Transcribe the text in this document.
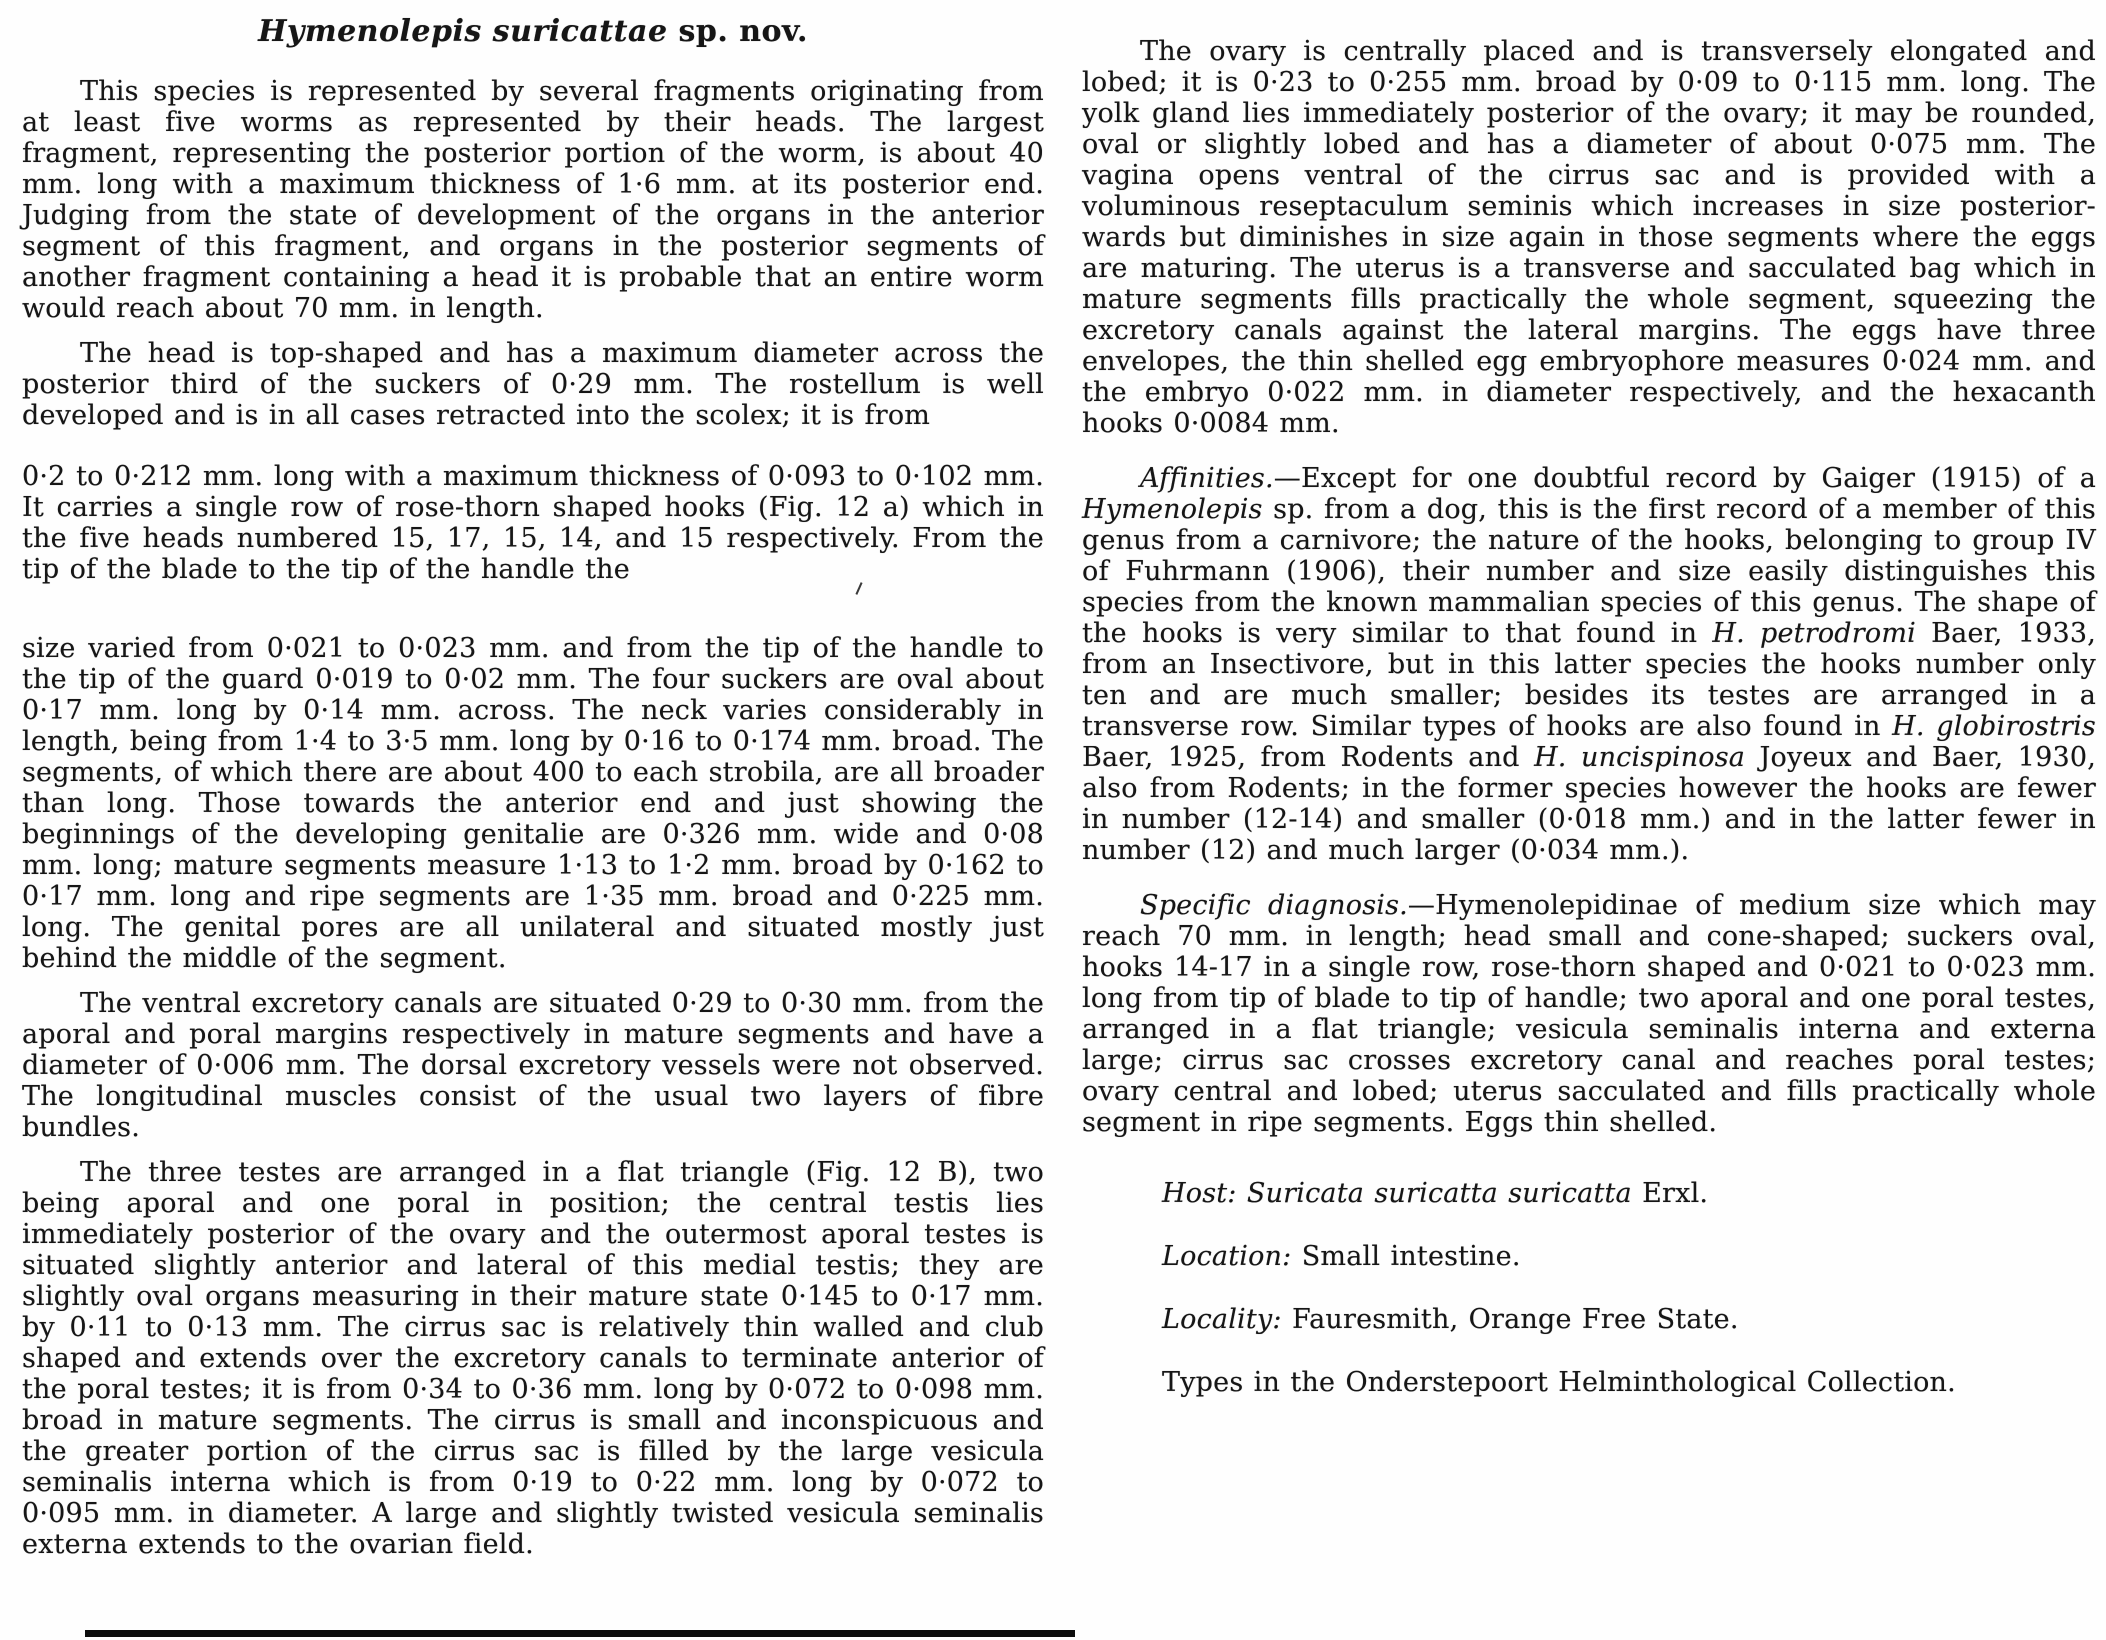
Hymenolepis suricattae sp. nov.

This species is represented by several fragments originating from at least five worms as represented by their heads. The largest fragment, representing the posterior portion of the worm, is about 40 mm. long with a maximum thickness of 1·6 mm. at its posterior end. Judging from the state of development of the organs in the anterior segment of this fragment, and organs in the posterior segments of another fragment containing a head it is probable that an entire worm would reach about 70 mm. in length.

The head is top-shaped and has a maximum diameter across the posterior third of the suckers of 0·29 mm. The rostellum is well developed and is in all cases retracted into the scolex; it is from

0·2 to 0·212 mm. long with a maximum thickness of 0·093 to 0·102 mm. It carries a single row of rose-thorn shaped hooks (Fig. 12 a) which in the five heads numbered 15, 17, 15, 14, and 15 respectively. From the tip of the blade to the tip of the handle the

size varied from 0·021 to 0·023 mm. and from the tip of the handle to the tip of the guard 0·019 to 0·02 mm. The four suckers are oval about 0·17 mm. long by 0·14 mm. across. The neck varies considerably in length, being from 1·4 to 3·5 mm. long by 0·16 to 0·174 mm. broad. The segments, of which there are about 400 to each strobila, are all broader than long. Those towards the anterior end and just showing the beginnings of the developing genitalie are 0·326 mm. wide and 0·08 mm. long; mature segments measure 1·13 to 1·2 mm. broad by 0·162 to 0·17 mm. long and ripe segments are 1·35 mm. broad and 0·225 mm. long. The genital pores are all unilateral and situated mostly just behind the middle of the segment.

The ventral excretory canals are situated 0·29 to 0·30 mm. from the aporal and poral margins respectively in mature segments and have a diameter of 0·006 mm. The dorsal excretory vessels were not observed. The longitudinal muscles consist of the usual two layers of fibre bundles.

The three testes are arranged in a flat triangle (Fig. 12 B), two being aporal and one poral in position; the central testis lies immediately posterior of the ovary and the outermost aporal testes is situated slightly anterior and lateral of this medial testis; they are slightly oval organs measuring in their mature state 0·145 to 0·17 mm. by 0·11 to 0·13 mm. The cirrus sac is relatively thin walled and club shaped and extends over the excretory canals to terminate anterior of the poral testes; it is from 0·34 to 0·36 mm. long by 0·072 to 0·098 mm. broad in mature segments. The cirrus is small and inconspicuous and the greater portion of the cirrus sac is filled by the large vesicula seminalis interna which is from 0·19 to 0·22 mm. long by 0·072 to 0·095 mm. in diameter. A large and slightly twisted vesicula seminalis externa extends to the ovarian field.

The ovary is centrally placed and is transversely elongated and lobed; it is 0·23 to 0·255 mm. broad by 0·09 to 0·115 mm. long. The yolk gland lies immediately posterior of the ovary; it may be rounded, oval or slightly lobed and has a diameter of about 0·075 mm. The vagina opens ventral of the cirrus sac and is provided with a voluminous reseptaculum seminis which increases in size posterior-wards but diminishes in size again in those segments where the eggs are maturing. The uterus is a transverse and sacculated bag which in mature segments fills practically the whole segment, squeezing the excretory canals against the lateral margins. The eggs have three envelopes, the thin shelled egg embryophore measures 0·024 mm. and the embryo 0·022 mm. in diameter respectively, and the hexacanth hooks 0·0084 mm.

Affinities.—Except for one doubtful record by Gaiger (1915) of a Hymenolepis sp. from a dog, this is the first record of a member of this genus from a carnivore; the nature of the hooks, belonging to group IV of Fuhrmann (1906), their number and size easily distinguishes this species from the known mammalian species of this genus. The shape of the hooks is very similar to that found in H. petrodromi Baer, 1933, from an Insectivore, but in this latter species the hooks number only ten and are much smaller; besides its testes are arranged in a transverse row. Similar types of hooks are also found in H. globirostris Baer, 1925, from Rodents and H. uncispinosa Joyeux and Baer, 1930, also from Rodents; in the former species however the hooks are fewer in number (12-14) and smaller (0·018 mm.) and in the latter fewer in number (12) and much larger (0·034 mm.).

Specific diagnosis.—Hymenolepidinae of medium size which may reach 70 mm. in length; head small and cone-shaped; suckers oval, hooks 14-17 in a single row, rose-thorn shaped and 0·021 to 0·023 mm. long from tip of blade to tip of handle; two aporal and one poral testes, arranged in a flat triangle; vesicula seminalis interna and externa large; cirrus sac crosses excretory canal and reaches poral testes; ovary central and lobed; uterus sacculated and fills practically whole segment in ripe segments. Eggs thin shelled.

Host: Suricata suricatta suricatta Erxl.

Location: Small intestine.

Locality: Fauresmith, Orange Free State.

Types in the Onderstepoort Helminthological Collection.
